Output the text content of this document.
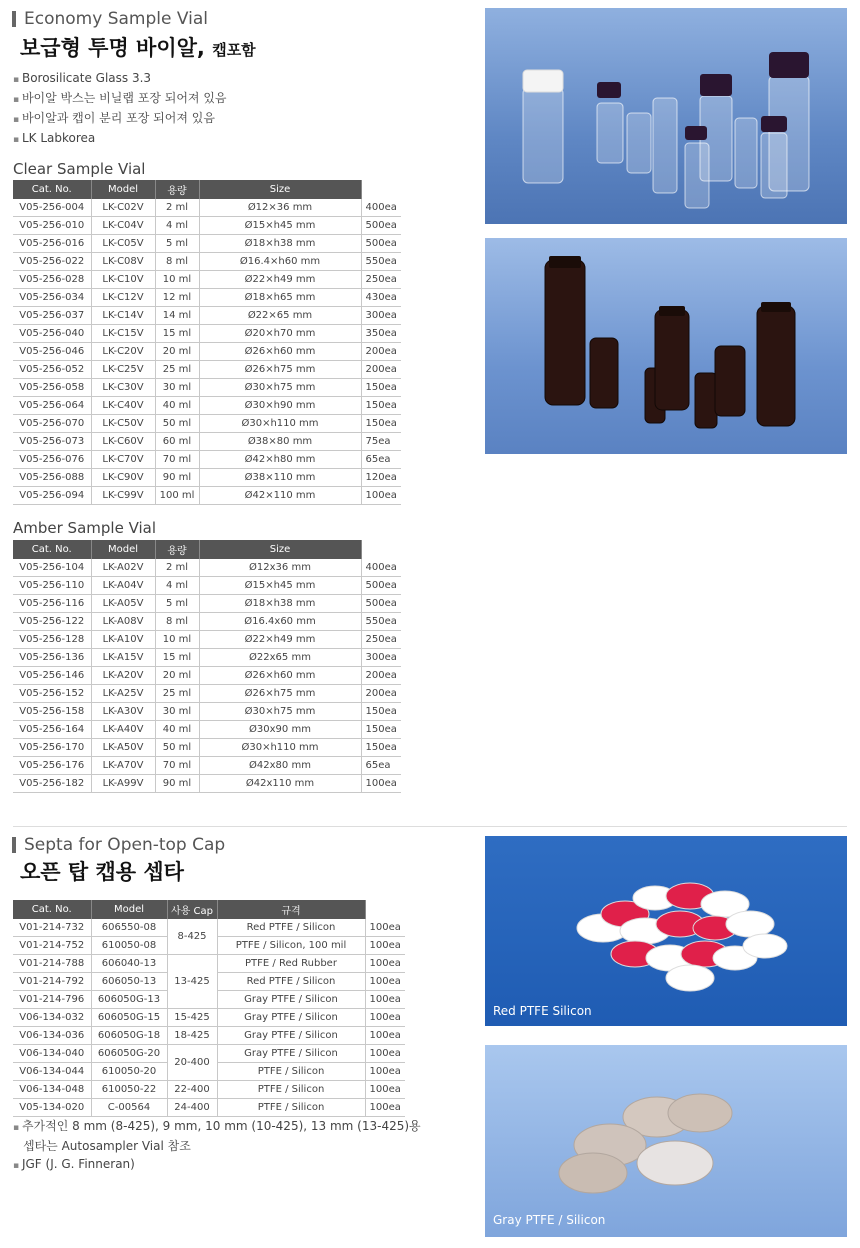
Economy Sample Vial
보급형 투명 바이알, 캡포함
▪ Borosilicate Glass 3.3
▪ 바이알 박스는 비닐랩 포장 되어져 있음
▪ 바이알과 캡이 분리 포장 되어져 있음
▪ LK Labkorea
Clear Sample Vial
Cat. No.	Model	용량	Size	
V05-256-004	LK-C02V	2 ml	Ø12×36 mm	400ea
V05-256-010	LK-C04V	4 ml	Ø15×h45 mm	500ea
V05-256-016	LK-C05V	5 ml	Ø18×h38 mm	500ea
V05-256-022	LK-C08V	8 ml	Ø16.4×h60 mm	550ea
V05-256-028	LK-C10V	10 ml	Ø22×h49 mm	250ea
V05-256-034	LK-C12V	12 ml	Ø18×h65 mm	430ea
V05-256-037	LK-C14V	14 ml	Ø22×65 mm	300ea
V05-256-040	LK-C15V	15 ml	Ø20×h70 mm	350ea
V05-256-046	LK-C20V	20 ml	Ø26×h60 mm	200ea
V05-256-052	LK-C25V	25 ml	Ø26×h75 mm	200ea
V05-256-058	LK-C30V	30 ml	Ø30×h75 mm	150ea
V05-256-064	LK-C40V	40 ml	Ø30×h90 mm	150ea
V05-256-070	LK-C50V	50 ml	Ø30×h110 mm	150ea
V05-256-073	LK-C60V	60 ml	Ø38×80 mm	75ea
V05-256-076	LK-C70V	70 ml	Ø42×h80 mm	65ea
V05-256-088	LK-C90V	90 ml	Ø38×110 mm	120ea
V05-256-094	LK-C99V	100 ml	Ø42×110 mm	100ea
Amber Sample Vial
Cat. No.	Model	용량	Size	
V05-256-104	LK-A02V	2 ml	Ø12x36 mm	400ea
V05-256-110	LK-A04V	4 ml	Ø15×h45 mm	500ea
V05-256-116	LK-A05V	5 ml	Ø18×h38 mm	500ea
V05-256-122	LK-A08V	8 ml	Ø16.4x60 mm	550ea
V05-256-128	LK-A10V	10 ml	Ø22×h49 mm	250ea
V05-256-136	LK-A15V	15 ml	Ø22x65 mm	300ea
V05-256-146	LK-A20V	20 ml	Ø26×h60 mm	200ea
V05-256-152	LK-A25V	25 ml	Ø26×h75 mm	200ea
V05-256-158	LK-A30V	30 ml	Ø30×h75 mm	150ea
V05-256-164	LK-A40V	40 ml	Ø30x90 mm	150ea
V05-256-170	LK-A50V	50 ml	Ø30×h110 mm	150ea
V05-256-176	LK-A70V	70 ml	Ø42x80 mm	65ea
V05-256-182	LK-A99V	90 ml	Ø42x110 mm	100ea
Septa for Open-top Cap
오픈 탑 캡용 셉타
Cat. No.	Model	사용 Cap	규격	
V01-214-732	606550-08	8-425	Red PTFE / Silicon	100ea
V01-214-752	610050-08		PTFE / Silicon, 100 mil	100ea
V01-214-788	606040-13	13-425	PTFE / Red Rubber	100ea
V01-214-792	606050-13		Red PTFE / Silicon	100ea
V01-214-796	606050G-13		Gray PTFE / Silicon	100ea
V06-134-032	606050G-15	15-425	Gray PTFE / Silicon	100ea
V06-134-036	606050G-18	18-425	Gray PTFE / Silicon	100ea
V06-134-040	606050G-20	20-400	Gray PTFE / Silicon	100ea
V06-134-044	610050-20		PTFE / Silicon	100ea
V06-134-048	610050-22	22-400	PTFE / Silicon	100ea
V05-134-020	C-00564	24-400	PTFE / Silicon	100ea
▪ 추가적인 8 mm (8-425), 9 mm, 10 mm (10-425), 13 mm (13-425)용
셉타는 Autosampler Vial 참조
▪ JGF (J. G. Finneran)
Red PTFE Silicon
Gray PTFE / Silicon
